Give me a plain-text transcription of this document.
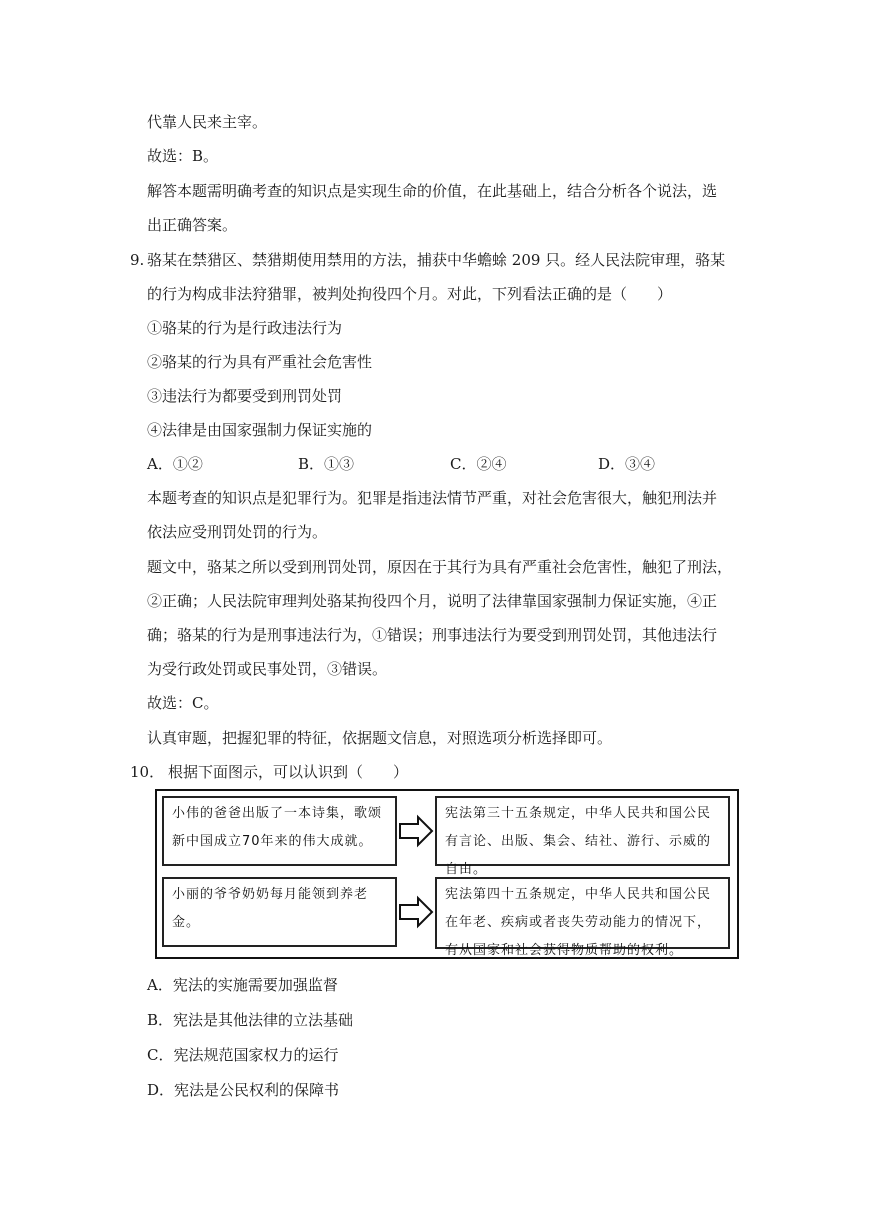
代靠人民来主宰。
故选：B。
解答本题需明确考查的知识点是实现生命的价值，在此基础上，结合分析各个说法，选
出正确答案。
9. 骆某在禁猎区、禁猎期使用禁用的方法，捕获中华蟾蜍 209 只。经人民法院审理，骆某
的行为构成非法狩猎罪，被判处拘役四个月。对此，下列看法正确的是（　　）
①骆某的行为是行政违法行为
②骆某的行为具有严重社会危害性
③违法行为都要受到刑罚处罚
④法律是由国家强制力保证实施的
A．①②	B．①③	C．②④	D．③④
本题考查的知识点是犯罪行为。犯罪是指违法情节严重，对社会危害很大，触犯刑法并
依法应受刑罚处罚的行为。
题文中，骆某之所以受到刑罚处罚，原因在于其行为具有严重社会危害性，触犯了刑法，
②正确；人民法院审理判处骆某拘役四个月，说明了法律靠国家强制力保证实施，④正
确；骆某的行为是刑事违法行为，①错误；刑事违法行为要受到刑罚处罚，其他违法行
为受行政处罚或民事处罚，③错误。
故选：C。
认真审题，把握犯罪的特征，依据题文信息，对照选项分析选择即可。
10． 根据下面图示，可以认识到（　　）
小伟的爸爸出版了一本诗集，歌颂新中国成立70年来的伟大成就。
宪法第三十五条规定，中华人民共和国公民有言论、出版、集会、结社、游行、示威的自由。
小丽的爷爷奶奶每月能领到养老金。
宪法第四十五条规定，中华人民共和国公民在年老、疾病或者丧失劳动能力的情况下，有从国家和社会获得物质帮助的权利。
A．宪法的实施需要加强监督
B．宪法是其他法律的立法基础
C．宪法规范国家权力的运行
D．宪法是公民权利的保障书
